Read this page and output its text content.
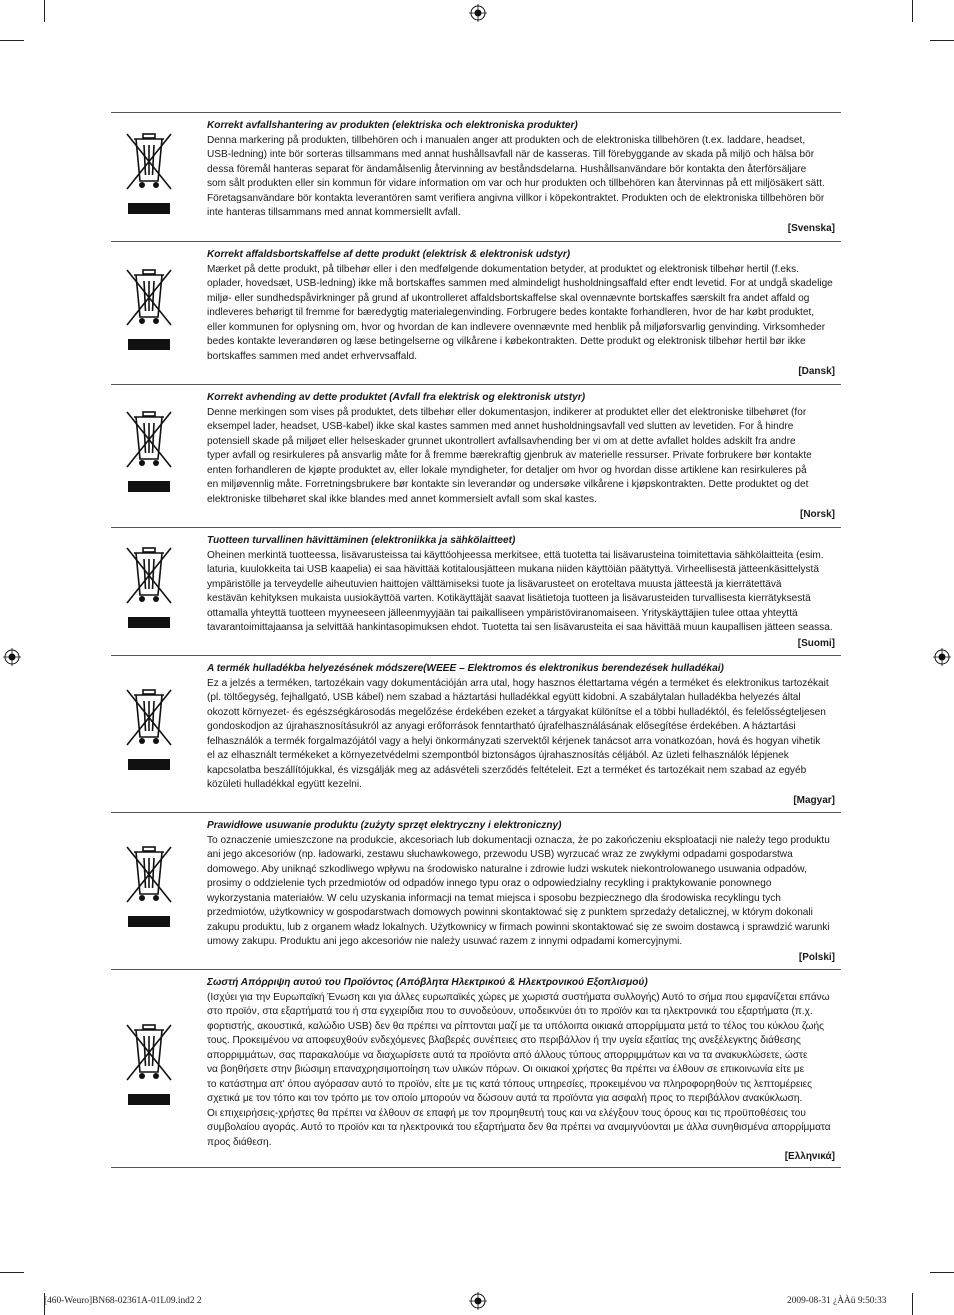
Korrekt avfallshantering av produkten (elektriska och elektroniska produkter)
Denna markering på produkten, tillbehören och i manualen anger att produkten och de elektroniska tillbehören (t.ex. laddare, headset,
USB-ledning) inte bör sorteras tillsammans med annat hushållsavfall när de kasseras. Till förebyggande av skada på miljö och hälsa bör
dessa föremål hanteras separat för ändamålsenlig återvinning av beståndsdelarna. Hushållsanvändare bör kontakta den återförsäljare
som sålt produkten eller sin kommun för vidare information om var och hur produkten och tillbehören kan återvinnas på ett miljösäkert sätt.
Företagsanvändare bör kontakta leverantören samt verifiera angivna villkor i köpekontraktet. Produkten och de elektroniska tillbehören bör
inte hanteras tillsammans med annat kommersiellt avfall.
[Svenska]
Korrekt affaldsbortskaffelse af dette produkt (elektrisk & elektronisk udstyr)
Mærket på dette produkt, på tilbehør eller i den medfølgende dokumentation betyder, at produktet og elektronisk tilbehør hertil (f.eks.
oplader, hovedsæt, USB-ledning) ikke må bortskaffes sammen med almindeligt husholdningsaffald efter endt levetid. For at undgå skadelige
miljø- eller sundhedspåvirkninger på grund af ukontrolleret affaldsbortskaffelse skal ovennævnte bortskaffes særskilt fra andet affald og
indleveres behørigt til fremme for bæredygtig materialegenvinding. Forbrugere bedes kontakte forhandleren, hvor de har købt produktet,
eller kommunen for oplysning om, hvor og hvordan de kan indlevere ovennævnte med henblik på miljøforsvarlig genvinding. Virksomheder
bedes kontakte leverandøren og læse betingelserne og vilkårene i købekontrakten. Dette produkt og elektronisk tilbehør hertil bør ikke
bortskaffes sammen med andet erhvervsaffald.
[Dansk]
Korrekt avhending av dette produktet (Avfall fra elektrisk og elektronisk utstyr)
Denne merkingen som vises på produktet, dets tilbehør eller dokumentasjon, indikerer at produktet eller det elektroniske tilbehøret (for
eksempel lader, headset, USB-kabel) ikke skal kastes sammen med annet husholdningsavfall ved slutten av levetiden. For å hindre
potensiell skade på miljøet eller helseskader grunnet ukontrollert avfallsavhending ber vi om at dette avfallet holdes adskilt fra andre
typer avfall og resirkuleres på ansvarlig måte for å fremme bærekraftig gjenbruk av materielle ressurser. Private forbrukere bør kontakte
enten forhandleren de kjøpte produktet av, eller lokale myndigheter, for detaljer om hvor og hvordan disse artiklene kan resirkuleres på
en miljøvennlig måte. Forretningsbrukere bør kontakte sin leverandør og undersøke vilkårene i kjøpskontrakten. Dette produktet og det
elektroniske tilbehøret skal ikke blandes med annet kommersielt avfall som skal kastes.
[Norsk]
Tuotteen turvallinen hävittäminen (elektroniikka ja sähkölaitteet)
Oheinen merkintä tuotteessa, lisävarusteissa tai käyttöohjeessa merkitsee, että tuotetta tai lisävarusteina toimitettavia sähkölaitteita (esim.
laturia, kuulokkeita tai USB kaapelia) ei saa hävittää kotitalousjätteen mukana niiden käyttöiän päätyttyä. Virheellisestä jätteenkäsittelystä
ympäristölle ja terveydelle aiheutuvien haittojen välttämiseksi tuote ja lisävarusteet on eroteltava muusta jätteestä ja kierrätettävä
kestävän kehityksen mukaista uusiokäyttöä varten. Kotikäyttäjät saavat lisätietoja tuotteen ja lisävarusteiden turvallisesta kierrätyksestä
ottamalla yhteyttä tuotteen myyneeseen jälleenmyyjään tai paikalliseen ympäristöviranomaiseen. Yrityskäyttäjien tulee ottaa yhteyttä
tavarantoimittajaansa ja selvittää hankintasopimuksen ehdot. Tuotetta tai sen lisävarusteita ei saa hävittää muun kaupallisen jätteen seassa.
[Suomi]
A termék hulladékba helyezésének módszere(WEEE – Elektromos és elektronikus berendezések hulladékai)
Ez a jelzés a terméken, tartozékain vagy dokumentációján arra utal, hogy hasznos élettartama végén a terméket és elektronikus tartozékait
(pl. töltőegység, fejhallgató, USB kábel) nem szabad a háztartási hulladékkal együtt kidobni. A szabálytalan hulladékba helyezés által
okozott környezet- és egészségkárosodás megelőzése érdekében ezeket a tárgyakat különítse el a többi hulladéktól, és felelősségteljesen
gondoskodjon az újrahasznosításukról az anyagi erőforrások fenntartható újrafelhasználásának elősegítése érdekében. A háztartási
felhasználók a termék forgalmazójától vagy a helyi önkormányzati szervektől kérjenek tanácsot arra vonatkozóan, hová és hogyan vihetik
el az elhasznált termékeket a környezetvédelmi szempontból biztonságos újrahasznosítás céljából. Az üzleti felhasználók lépjenek
kapcsolatba beszállítójukkal, és vizsgálják meg az adásvételi szerződés feltételeit. Ezt a terméket és tartozékait nem szabad az egyéb
közületi hulladékkal együtt kezelni.
[Magyar]
Prawidłowe usuwanie produktu (zużyty sprzęt elektryczny i elektroniczny)
To oznaczenie umieszczone na produkcie, akcesoriach lub dokumentacji oznacza, że po zakończeniu eksploatacji nie należy tego produktu
ani jego akcesoriów (np. ładowarki, zestawu słuchawkowego, przewodu USB) wyrzucać wraz ze zwykłymi odpadami gospodarstwa
domowego. Aby uniknąć szkodliwego wpływu na środowisko naturalne i zdrowie ludzi wskutek niekontrolowanego usuwania odpadów,
prosimy o oddzielenie tych przedmiotów od odpadów innego typu oraz o odpowiedzialny recykling i praktykowanie ponownego
wykorzystania materiałów. W celu uzyskania informacji na temat miejsca i sposobu bezpiecznego dla środowiska recyklingu tych
przedmiotów, użytkownicy w gospodarstwach domowych powinni skontaktować się z punktem sprzedaży detalicznej, w którym dokonali
zakupu produktu, lub z organem władz lokalnych. Użytkownicy w firmach powinni skontaktować się ze swoim dostawcą i sprawdzić warunki
umowy zakupu. Produktu ani jego akcesoriów nie należy usuwać razem z innymi odpadami komercyjnymi.
[Polski]
Σωστή Απόρριψη αυτού του Προϊόντος (Απόβλητα Ηλεκτρικού & Ηλεκτρονικού Εξοπλισμού)
(Ισχύει για την Ευρωπαϊκή Ένωση και για άλλες ευρωπαϊκές χώρες με χωριστά συστήματα συλλογής) Αυτό το σήμα που εμφανίζεται επάνω
στο προϊόν, στα εξαρτήματά του ή στα εγχειρίδια που το συνοδεύουν, υποδεικνύει ότι το προϊόν και τα ηλεκτρονικά του εξαρτήματα (π.χ.
φορτιστής, ακουστικά, καλώδιο USB) δεν θα πρέπει να ρίπτονται μαζί με τα υπόλοιπα οικιακά απορρίμματα μετά το τέλος του κύκλου ζωής
τους. Προκειμένου να αποφευχθούν ενδεχόμενες βλαβερές συνέπειες στο περιβάλλον ή την υγεία εξαιτίας της ανεξέλεγκτης διάθεσης
απορριμμάτων, σας παρακαλούμε να διαχωρίσετε αυτά τα προϊόντα από άλλους τύπους απορριμμάτων και να τα ανακυκλώσετε, ώστε
να βοηθήσετε στην βιώσιμη επαναχρησιμοποίηση των υλικών πόρων. Οι οικιακοί χρήστες θα πρέπει να έλθουν σε επικοινωνία είτε με
το κατάστημα απ' όπου αγόρασαν αυτό το προϊόν, είτε με τις κατά τόπους υπηρεσίες, προκειμένου να πληροφορηθούν τις λεπτομέρειες
σχετικά με τον τόπο και τον τρόπο με τον οποίο μπορούν να δώσουν αυτά τα προϊόντα για ασφαλή προς το περιβάλλον ανακύκλωση.
Οι επιχειρήσεις-χρήστες θα πρέπει να έλθουν σε επαφή με τον προμηθευτή τους και να ελέγξουν τους όρους και τις προϋποθέσεις του
συμβολαίου αγοράς. Αυτό το προϊόν και τα ηλεκτρονικά του εξαρτήματα δεν θα πρέπει να αναμιγνύονται με άλλα συνηθισμένα απορρίμματα
προς διάθεση.
[Ελληνικά]
[460-Weuro]BN68-02361A-01L09.ind2 2	2009-08-31 ¿ÀÀü 9:50:33
